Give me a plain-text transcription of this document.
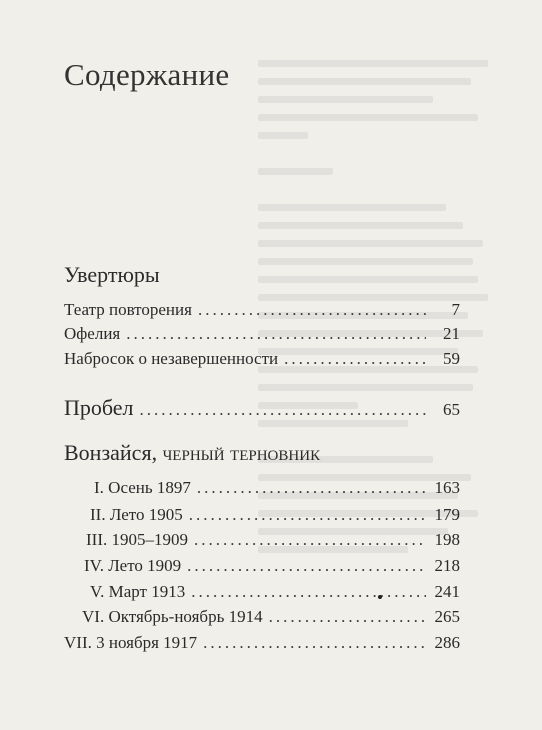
Содержание
Увертюры
Театр повторения .....	7
Офелия .....	21
Набросок о незавершенности .....	59
Пробел .....	65
Вонзайся, черный терновник
I. Осень 1897 .....	163
II. Лето 1905 .....	179
III. 1905–1909 .....	198
IV. Лето 1909 .....	218
V. Март 1913 .....	241
VI. Октябрь-ноябрь 1914 .....	265
VII. 3 ноября 1917 .....	286
